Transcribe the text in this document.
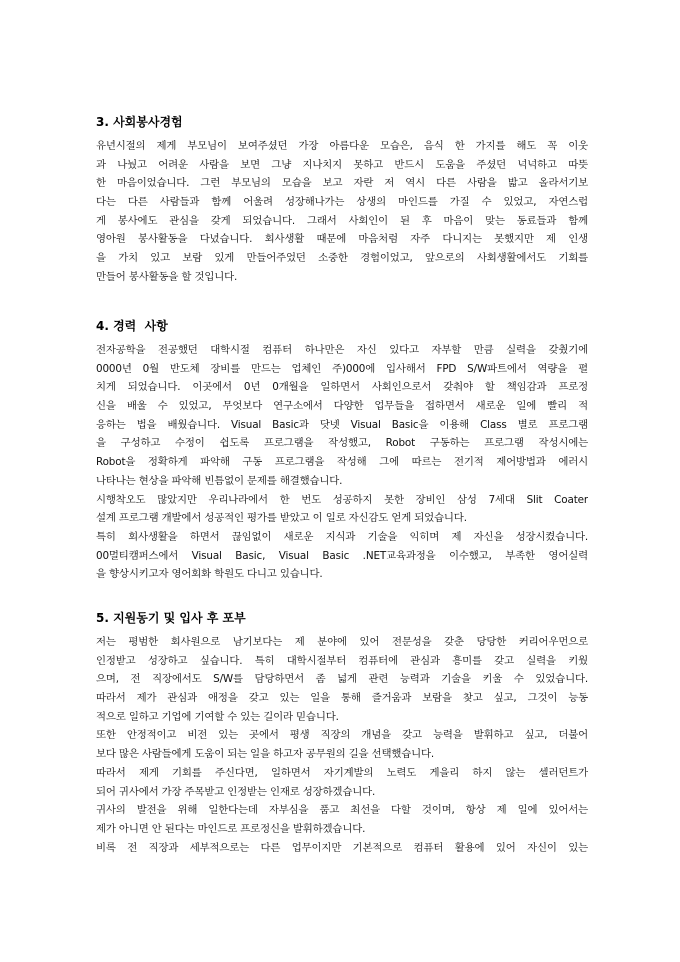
3. 사회봉사경험
유년시절의 제게 부모님이 보여주셨던 가장 아름다운 모습은, 음식 한 가지를 해도 꼭 이웃
과 나눴고 어려운 사람을 보면 그냥 지나치지 못하고 반드시 도움을 주셨던 넉넉하고 따뜻
한 마음이었습니다. 그런 부모님의 모습을 보고 자란 저 역시 다른 사람을 밟고 올라서기보
다는 다른 사람들과 함께 어울려 성장해나가는 상생의 마인드를 가질 수 있었고, 자연스럽
게 봉사에도 관심을 갖게 되었습니다. 그래서 사회인이 된 후 마음이 맞는 동료들과 함께
영아원 봉사활동을 다녔습니다. 회사생활 때문에 마음처럼 자주 다니지는 못했지만 제 인생
을 가치 있고 보람 있게 만들어주었던 소중한 경험이었고, 앞으로의 사회생활에서도 기회를
만들어 봉사활동을 할 것입니다.
4. 경력  사항
전자공학을 전공했던 대학시절 컴퓨터 하나만은 자신 있다고 자부할 만큼 실력을 갖췄기에
0000년 0월 반도체 장비를 만드는 업체인 주)000에 입사해서 FPD S/W파트에서 역량을 펼
치게 되었습니다. 이곳에서 0년 0개월을 일하면서 사회인으로서 갖춰야 할 책임감과 프로정
신을 배울 수 있었고, 무엇보다 연구소에서 다양한 업무들을 접하면서 새로운 일에 빨리 적
응하는 법을 배웠습니다. Visual Basic과 닷넷 Visual Basic을 이용해 Class 별로 프로그램
을 구성하고 수정이 쉽도록 프로그램을 작성했고, Robot 구동하는 프로그램 작성시에는
Robot을 정확하게 파악해 구동 프로그램을 작성해 그에 따르는 전기적 제어방법과 에러시
나타나는 현상을 파악해 빈틈없이 문제를 해결했습니다.
시행착오도 많았지만 우리나라에서 한 번도 성공하지 못한 장비인 삼성 7세대 Slit Coater
설계 프로그램 개발에서 성공적인 평가를 받았고 이 일로 자신감도 얻게 되었습니다.
특히 회사생활을 하면서 끊임없이 새로운 지식과 기술을 익히며 제 자신을 성장시켰습니다.
00멀티캠퍼스에서 Visual Basic, Visual Basic .NET교육과정을 이수했고, 부족한 영어실력
을 향상시키고자 영어회화 학원도 다니고 있습니다.
5. 지원동기 및 입사 후 포부
저는 평범한 회사원으로 남기보다는 제 분야에 있어 전문성을 갖춘 당당한 커리어우먼으로
인정받고 성장하고 싶습니다. 특히 대학시절부터 컴퓨터에 관심과 흥미를 갖고 실력을 키웠
으며, 전 직장에서도 S/W를 담당하면서 좀 넓게 관련 능력과 기술을 키울 수 있었습니다.
따라서 제가 관심과 애정을 갖고 있는 일을 통해 즐거움과 보람을 찾고 싶고, 그것이 능동
적으로 일하고 기업에 기여할 수 있는 길이라 믿습니다.
또한 안정적이고 비전 있는 곳에서 평생 직장의 개념을 갖고 능력을 발휘하고 싶고, 더불어
보다 많은 사람들에게 도움이 되는 일을 하고자 공무원의 길을 선택했습니다.
따라서 제게 기회를 주신다면, 일하면서 자기계발의 노력도 게을리 하지 않는 셀러던트가
되어 귀사에서 가장 주목받고 인정받는 인재로 성장하겠습니다.
귀사의 발전을 위해 일한다는데 자부심을 품고 최선을 다할 것이며, 항상 제 일에 있어서는
제가 아니면 안 된다는 마인드로 프로정신을 발휘하겠습니다.
비록 전 직장과 세부적으로는 다른 업무이지만 기본적으로 컴퓨터 활용에 있어 자신이 있는
